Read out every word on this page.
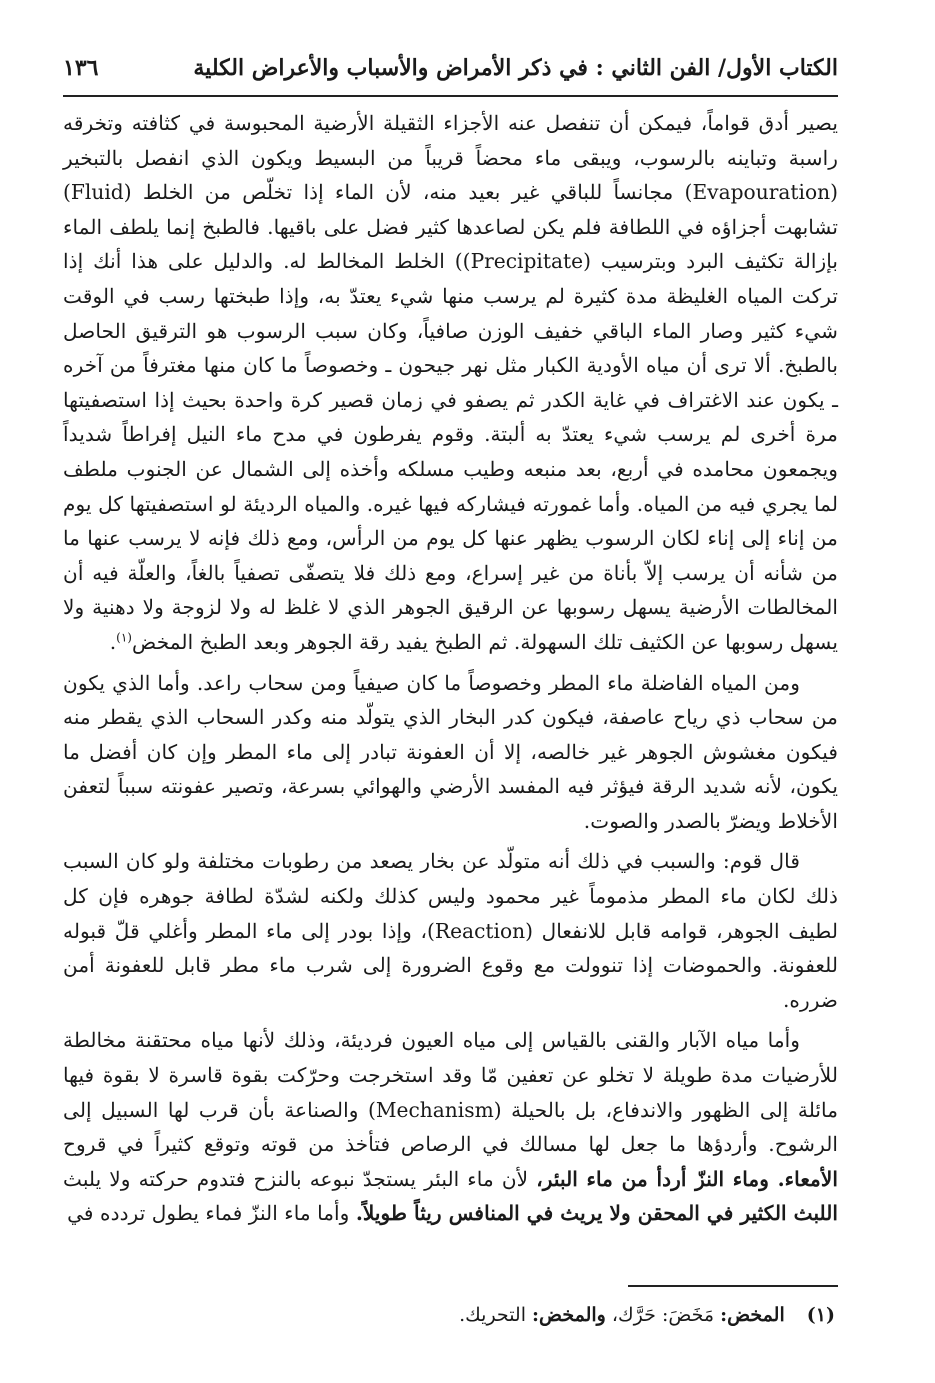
الكتاب الأول/ الفن الثاني : في ذكر الأمراض والأسباب والأعراض الكلية
١٣٦

يصير أدق قواماً، فيمكن أن تنفصل عنه الأجزاء الثقيلة الأرضية المحبوسة في كثافته وتخرقه راسبة وتباينه بالرسوب، ويبقى ماء محضاً قريباً من البسيط ويكون الذي انفصل بالتبخير (Evapouration) مجانساً للباقي غير بعيد منه، لأن الماء إذا تخلّص من الخلط (Fluid) تشابهت أجزاؤه في اللطافة فلم يكن لصاعدها كثير فضل على باقيها. فالطبخ إنما يلطف الماء بإزالة تكثيف البرد وبترسيب (Precipitate)) الخلط المخالط له. والدليل على هذا أنك إذا تركت المياه الغليظة مدة كثيرة لم يرسب منها شيء يعتدّ به، وإذا طبختها رسب في الوقت شيء كثير وصار الماء الباقي خفيف الوزن صافياً، وكان سبب الرسوب هو الترقيق الحاصل بالطبخ. ألا ترى أن مياه الأودية الكبار مثل نهر جيحون ـ وخصوصاً ما كان منها مغترفاً من آخره ـ يكون عند الاغتراف في غاية الكدر ثم يصفو في زمان قصير كرة واحدة بحيث إذا استصفيتها مرة أخرى لم يرسب شيء يعتدّ به ألبتة. وقوم يفرطون في مدح ماء النيل إفراطاً شديداً ويجمعون محامده في أربع، بعد منبعه وطيب مسلكه وأخذه إلى الشمال عن الجنوب ملطف لما يجري فيه من المياه. وأما غمورته فيشاركه فيها غيره. والمياه الرديئة لو استصفيتها كل يوم من إناء إلى إناء لكان الرسوب يظهر عنها كل يوم من الرأس، ومع ذلك فإنه لا يرسب عنها ما من شأنه أن يرسب إلاّ بأناة من غير إسراع، ومع ذلك فلا يتصفّى تصفياً بالغاً، والعلّة فيه أن المخالطات الأرضية يسهل رسوبها عن الرقيق الجوهر الذي لا غلظ له ولا لزوجة ولا دهنية ولا يسهل رسوبها عن الكثيف تلك السهولة. ثم الطبخ يفيد رقة الجوهر وبعد الطبخ المخض$^{(١)}$.

ومن المياه الفاضلة ماء المطر وخصوصاً ما كان صيفياً ومن سحاب راعد. وأما الذي يكون من سحاب ذي رياح عاصفة، فيكون كدر البخار الذي يتولّد منه وكدر السحاب الذي يقطر منه فيكون مغشوش الجوهر غير خالصه، إلا أن العفونة تبادر إلى ماء المطر وإن كان أفضل ما يكون، لأنه شديد الرقة فيؤثر فيه المفسد الأرضي والهوائي بسرعة، وتصير عفونته سبباً لتعفن الأخلاط ويضرّ بالصدر والصوت.

قال قوم: والسبب في ذلك أنه متولّد عن بخار يصعد من رطوبات مختلفة ولو كان السبب ذلك لكان ماء المطر مذموماً غير محمود وليس كذلك ولكنه لشدّة لطافة جوهره فإن كل لطيف الجوهر، قوامه قابل للانفعال (Reaction)، وإذا بودر إلى ماء المطر وأغلي قلّ قبوله للعفونة. والحموضات إذا تنوولت مع وقوع الضرورة إلى شرب ماء مطر قابل للعفونة أمن ضرره.

وأما مياه الآبار والقنى بالقياس إلى مياه العيون فرديئة، وذلك لأنها مياه محتقنة مخالطة للأرضيات مدة طويلة لا تخلو عن تعفين مّا وقد استخرجت وحرّكت بقوة قاسرة لا بقوة فيها مائلة إلى الظهور والاندفاع، بل بالحيلة (Mechanism) والصناعة بأن قرب لها السبيل إلى الرشوح. وأردؤها ما جعل لها مسالك في الرصاص فتأخذ من قوته وتوقع كثيراً في قروح الأمعاء. وماء النزّ أردأ من ماء البئر، لأن ماء البئر يستجدّ نبوعه بالنزح فتدوم حركته ولا يلبث اللبث الكثير في المحقن ولا يريث في المنافس ريثاً طويلاً. وأما ماء النزّ فماء يطول تردده في

(١) المخض: مَخَضَ: حَرَّك، والمخض: التحريك.
